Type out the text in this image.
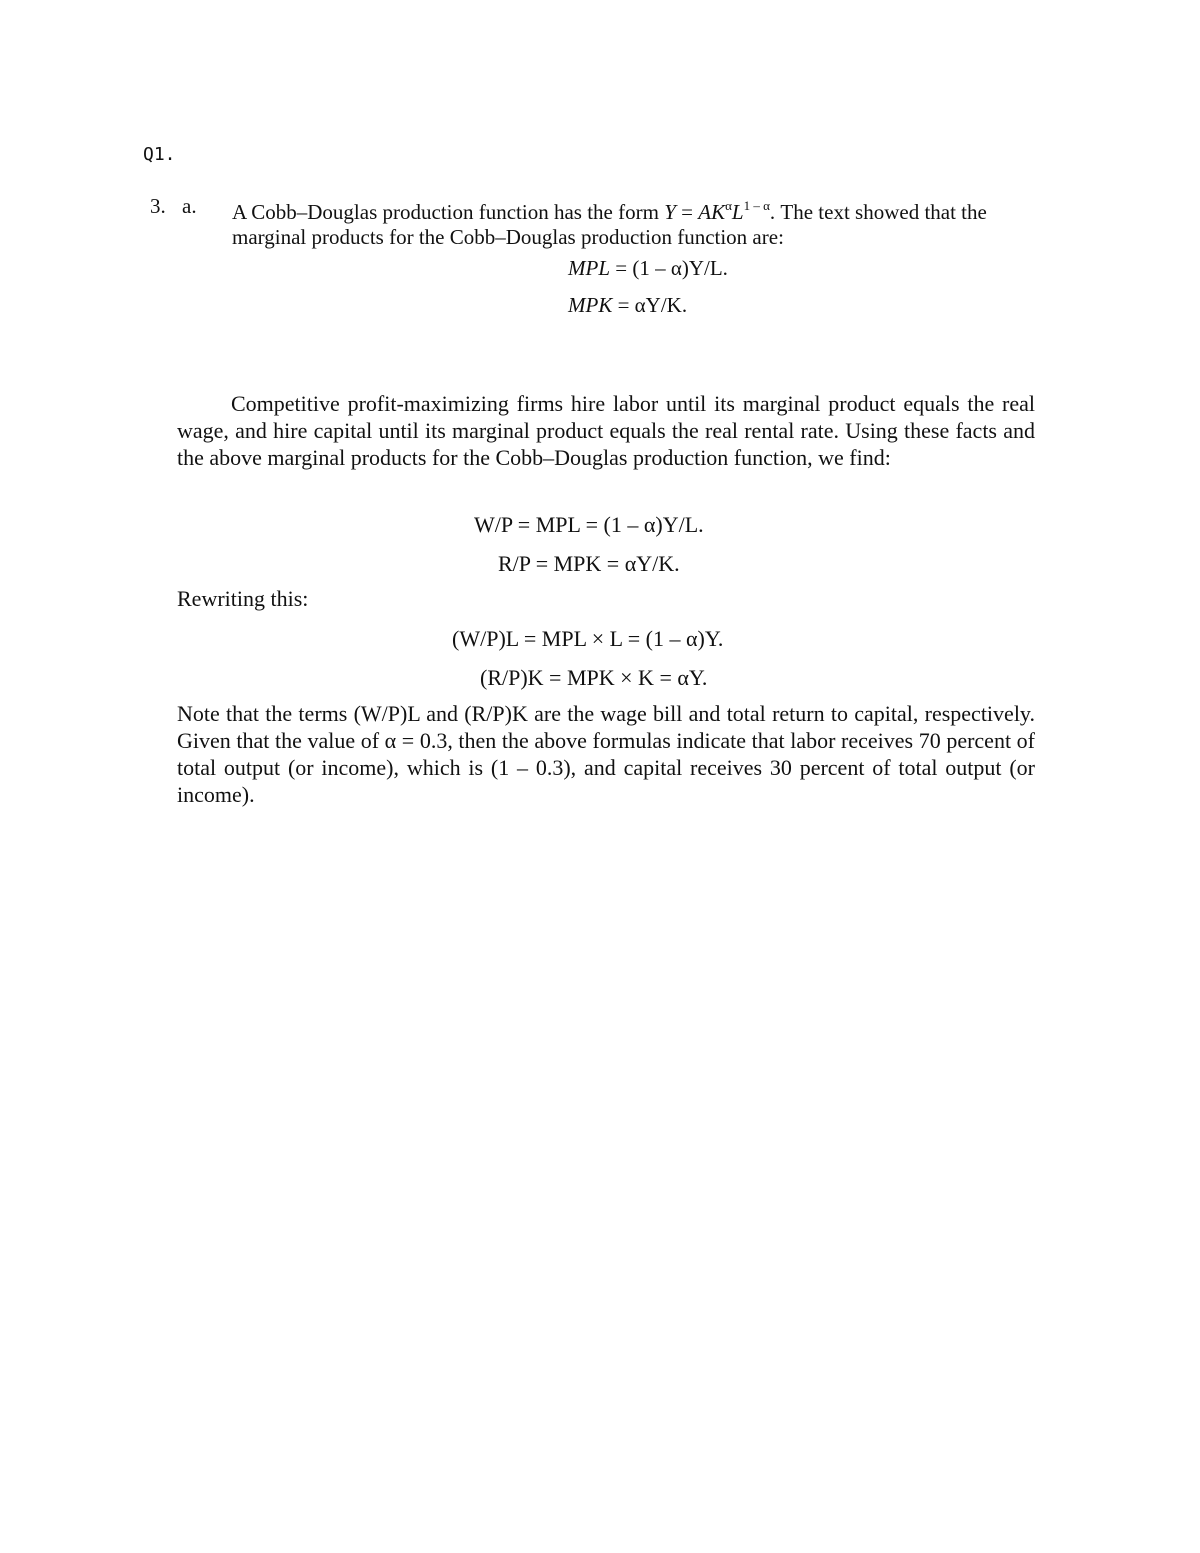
Q1.
3. a. A Cobb–Douglas production function has the form $Y = AK^\alpha L^{1 - \alpha}$. The text showed that the marginal products for the Cobb–Douglas production function are:
MPL = (1 – α)Y/L.
MPK = αY/K.
Competitive profit-maximizing firms hire labor until its marginal product equals the real wage, and hire capital until its marginal product equals the real rental rate. Using these facts and the above marginal products for the Cobb–Douglas production function, we find:
W/P = MPL = (1 – α)Y/L.
R/P = MPK = αY/K.
Rewriting this:
(W/P)L = MPL × L = (1 – α)Y.
(R/P)K = MPK × K = αY.
Note that the terms (W/P)L and (R/P)K are the wage bill and total return to capital, respectively. Given that the value of α = 0.3, then the above formulas indicate that labor receives 70 percent of total output (or income), which is (1 – 0.3), and capital receives 30 percent of total output (or income).
